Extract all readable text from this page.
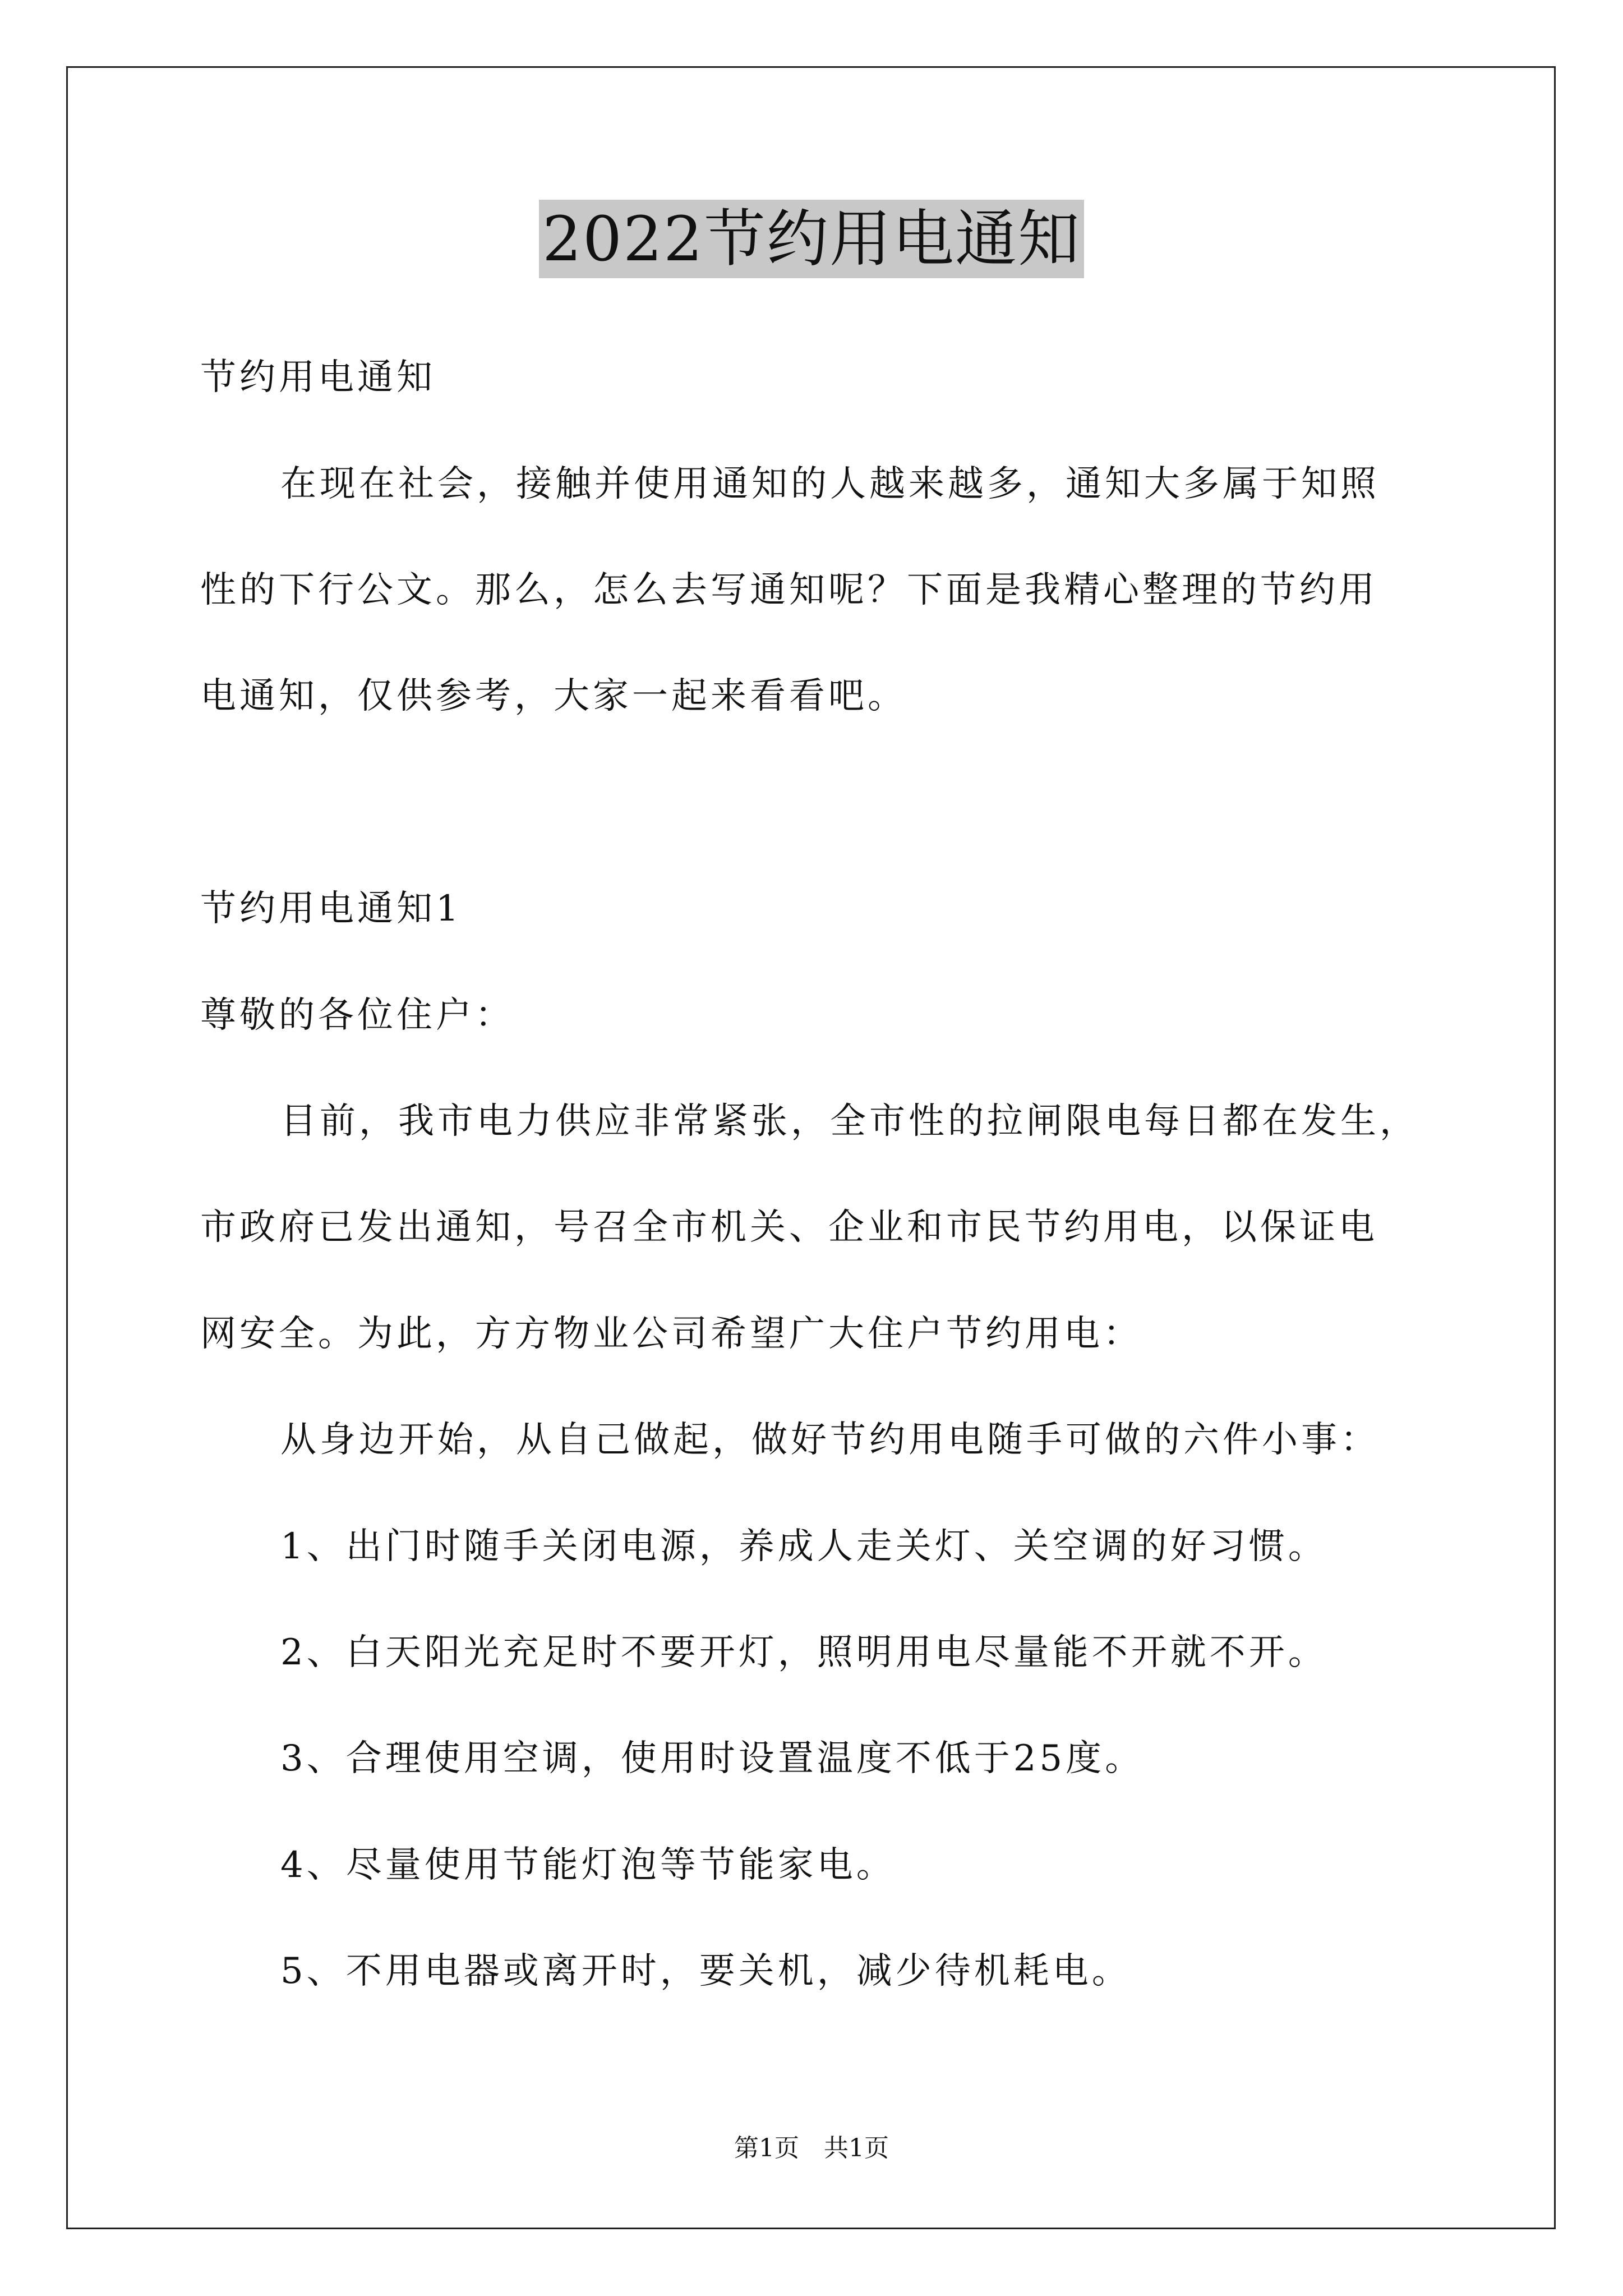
2022节约用电通知
节约用电通知
在现在社会，接触并使用通知的人越来越多，通知大多属于知照
性的下行公文。那么，怎么去写通知呢？下面是我精心整理的节约用
电通知，仅供参考，大家一起来看看吧。
节约用电通知1
尊敬的各位住户：
目前，我市电力供应非常紧张，全市性的拉闸限电每日都在发生，
市政府已发出通知，号召全市机关、企业和市民节约用电，以保证电
网安全。为此，方方物业公司希望广大住户节约用电：
从身边开始，从自己做起，做好节约用电随手可做的六件小事：
1、出门时随手关闭电源，养成人走关灯、关空调的好习惯。
2、白天阳光充足时不要开灯，照明用电尽量能不开就不开。
3、合理使用空调，使用时设置温度不低于25度。
4、尽量使用节能灯泡等节能家电。
5、不用电器或离开时，要关机，减少待机耗电。
第1页　共1页
